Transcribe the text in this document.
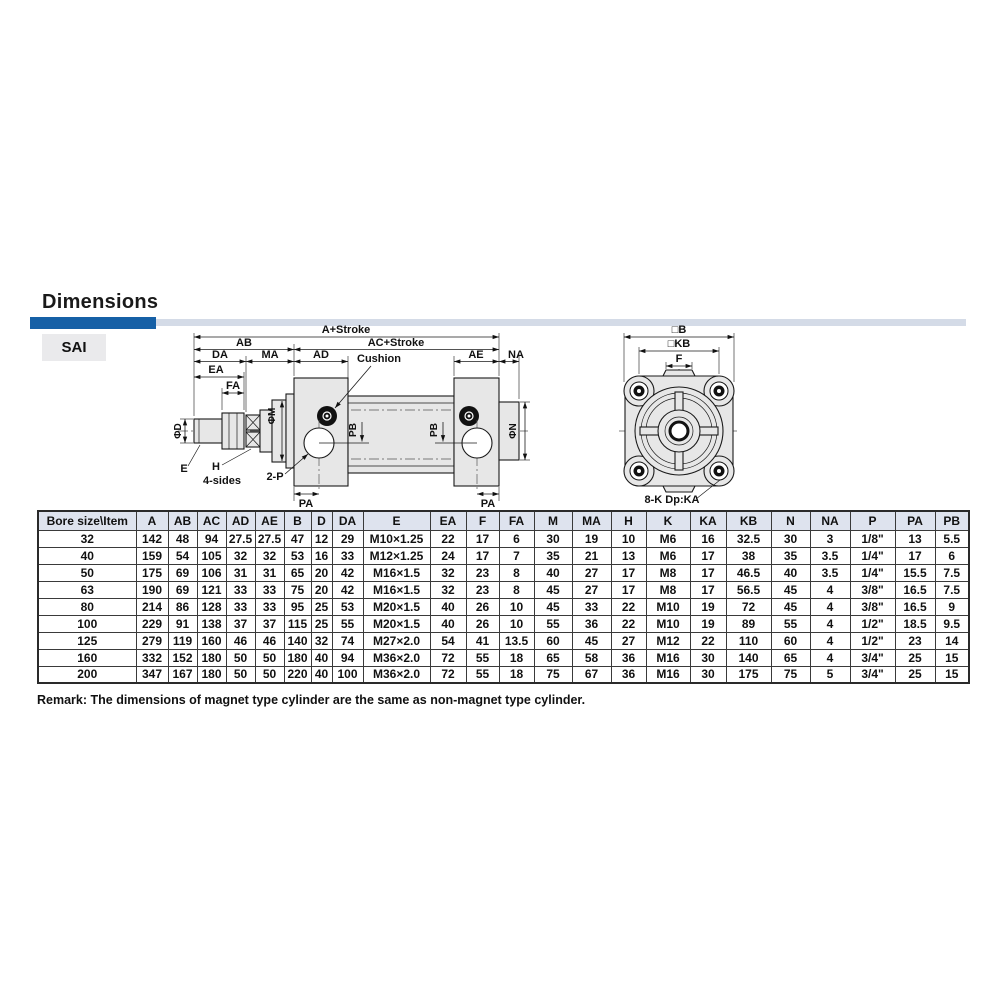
Dimensions
SAI
A+Stroke
AB	AC+Stroke
DA	MA	AD	AE NA
Cushion
EA
FA
ΦM
ΦD
E H
4-sides 2-P
PB	PB	ΦN
PA	PA
□B
□KB
F
8-K Dp:KA
Bore size\Item	A	AB	AC	AD	AE	B	D	DA	E	EA	F	FA	M	MA	H	K	KA	KB	N	NA	P	PA	PB
32	142	48	94	27.5	27.5	47	12	29	M10×1.25	22	17	6	30	19	10	M6	16	32.5	30	3	1/8"	13	5.5
40	159	54	105	32	32	53	16	33	M12×1.25	24	17	7	35	21	13	M6	17	38	35	3.5	1/4"	17	6
50	175	69	106	31	31	65	20	42	M16×1.5	32	23	8	40	27	17	M8	17	46.5	40	3.5	1/4"	15.5	7.5
63	190	69	121	33	33	75	20	42	M16×1.5	32	23	8	45	27	17	M8	17	56.5	45	4	3/8"	16.5	7.5
80	214	86	128	33	33	95	25	53	M20×1.5	40	26	10	45	33	22	M10	19	72	45	4	3/8"	16.5	9
100	229	91	138	37	37	115	25	55	M20×1.5	40	26	10	55	36	22	M10	19	89	55	4	1/2"	18.5	9.5
125	279	119	160	46	46	140	32	74	M27×2.0	54	41	13.5	60	45	27	M12	22	110	60	4	1/2"	23	14
160	332	152	180	50	50	180	40	94	M36×2.0	72	55	18	65	58	36	M16	30	140	65	4	3/4"	25	15
200	347	167	180	50	50	220	40	100	M36×2.0	72	55	18	75	67	36	M16	30	175	75	5	3/4"	25	15
Remark: The dimensions of magnet type cylinder are the same as non-magnet type cylinder.
